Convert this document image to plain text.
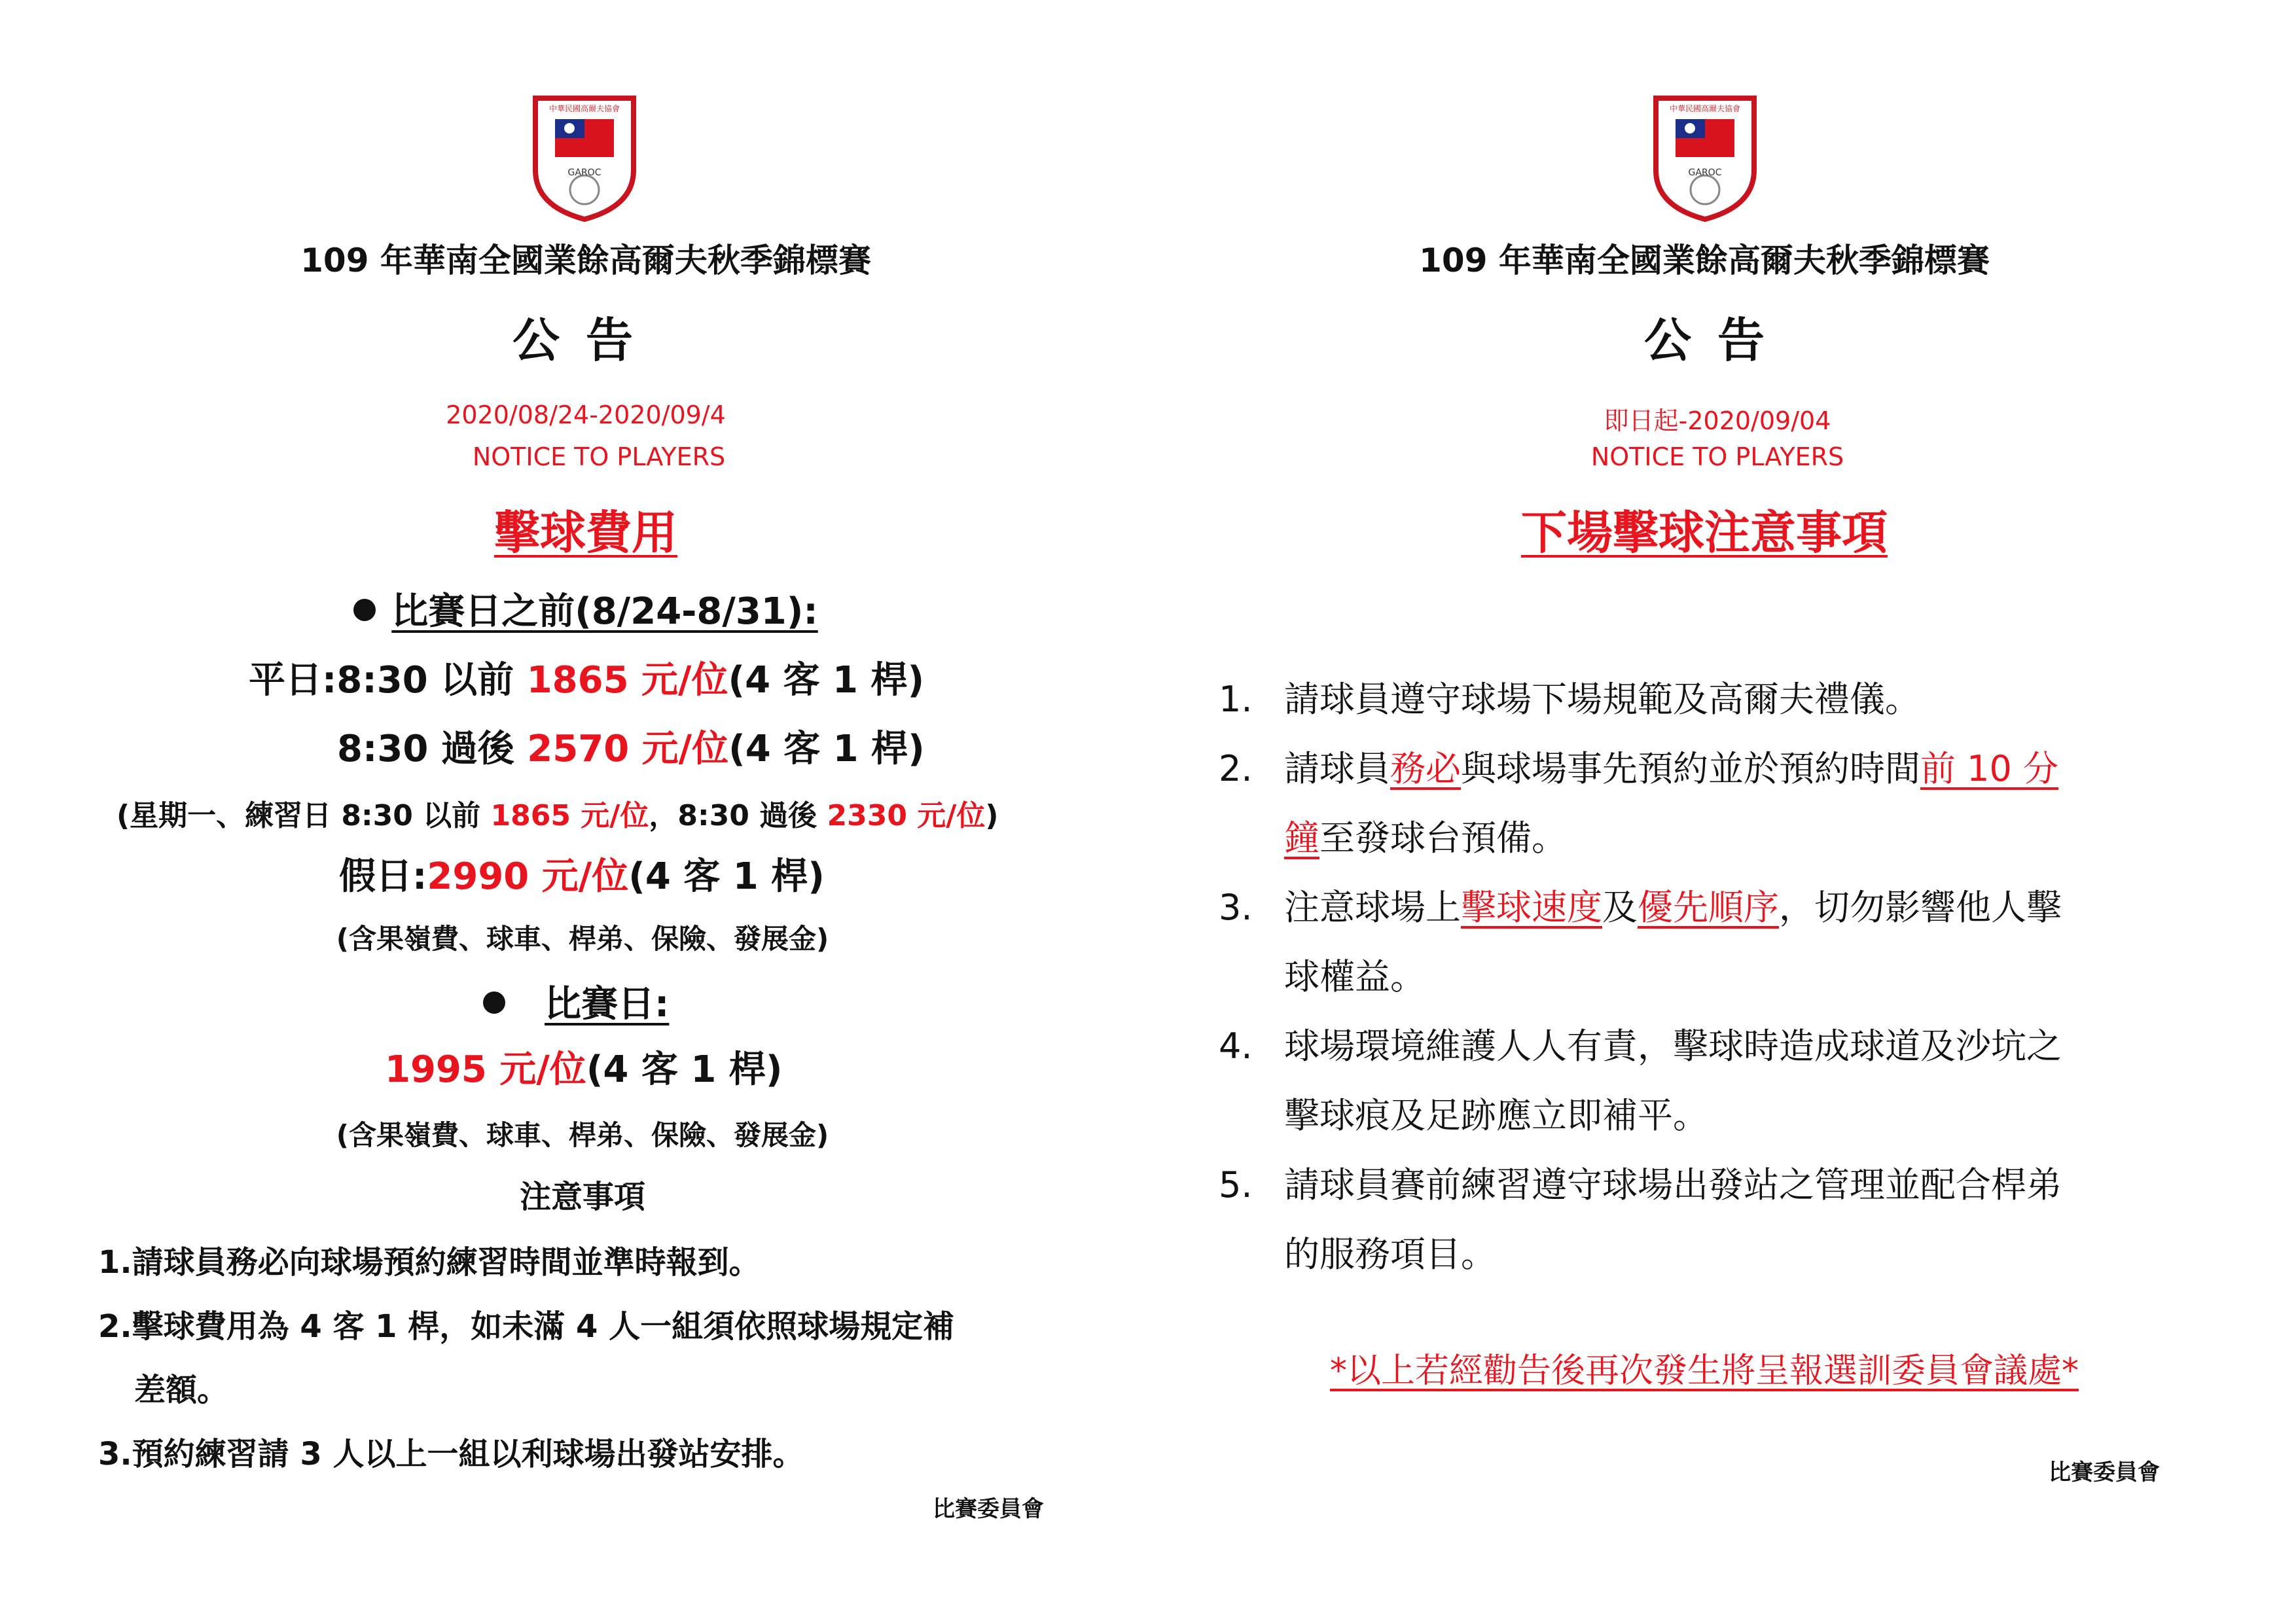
中華民國高爾夫協會
GAROC
109 年華南全國業餘高爾夫秋季錦標賽
公告
2020/08/24-2020/09/4
NOTICE TO PLAYERS
擊球費用
比賽日之前(8/24-8/31):
平日:8:30 以前 1865 元/位(4 客 1 桿)
8:30 過後 2570 元/位(4 客 1 桿)
(星期一、練習日 8:30 以前 1865 元/位，8:30 過後 2330 元/位)
假日:2990 元/位(4 客 1 桿)
(含果嶺費、球車、桿弟、保險、發展金)
比賽日:
1995 元/位(4 客 1 桿)
(含果嶺費、球車、桿弟、保險、發展金)
注意事項
1.請球員務必向球場預約練習時間並準時報到。
2.擊球費用為 4 客 1 桿，如未滿 4 人一組須依照球場規定補
差額。
3.預約練習請 3 人以上一組以利球場出發站安排。
比賽委員會
中華民國高爾夫協會
GAROC
109 年華南全國業餘高爾夫秋季錦標賽
公告
即日起-2020/09/04
NOTICE TO PLAYERS
下場擊球注意事項
1. 請球員遵守球場下場規範及高爾夫禮儀。
2. 請球員務必與球場事先預約並於預約時間前 10 分
鐘至發球台預備。
3. 注意球場上擊球速度及優先順序，切勿影響他人擊
球權益。
4. 球場環境維護人人有責，擊球時造成球道及沙坑之
擊球痕及足跡應立即補平。
5. 請球員賽前練習遵守球場出發站之管理並配合桿弟
的服務項目。
*以上若經勸告後再次發生將呈報選訓委員會議處*
比賽委員會
